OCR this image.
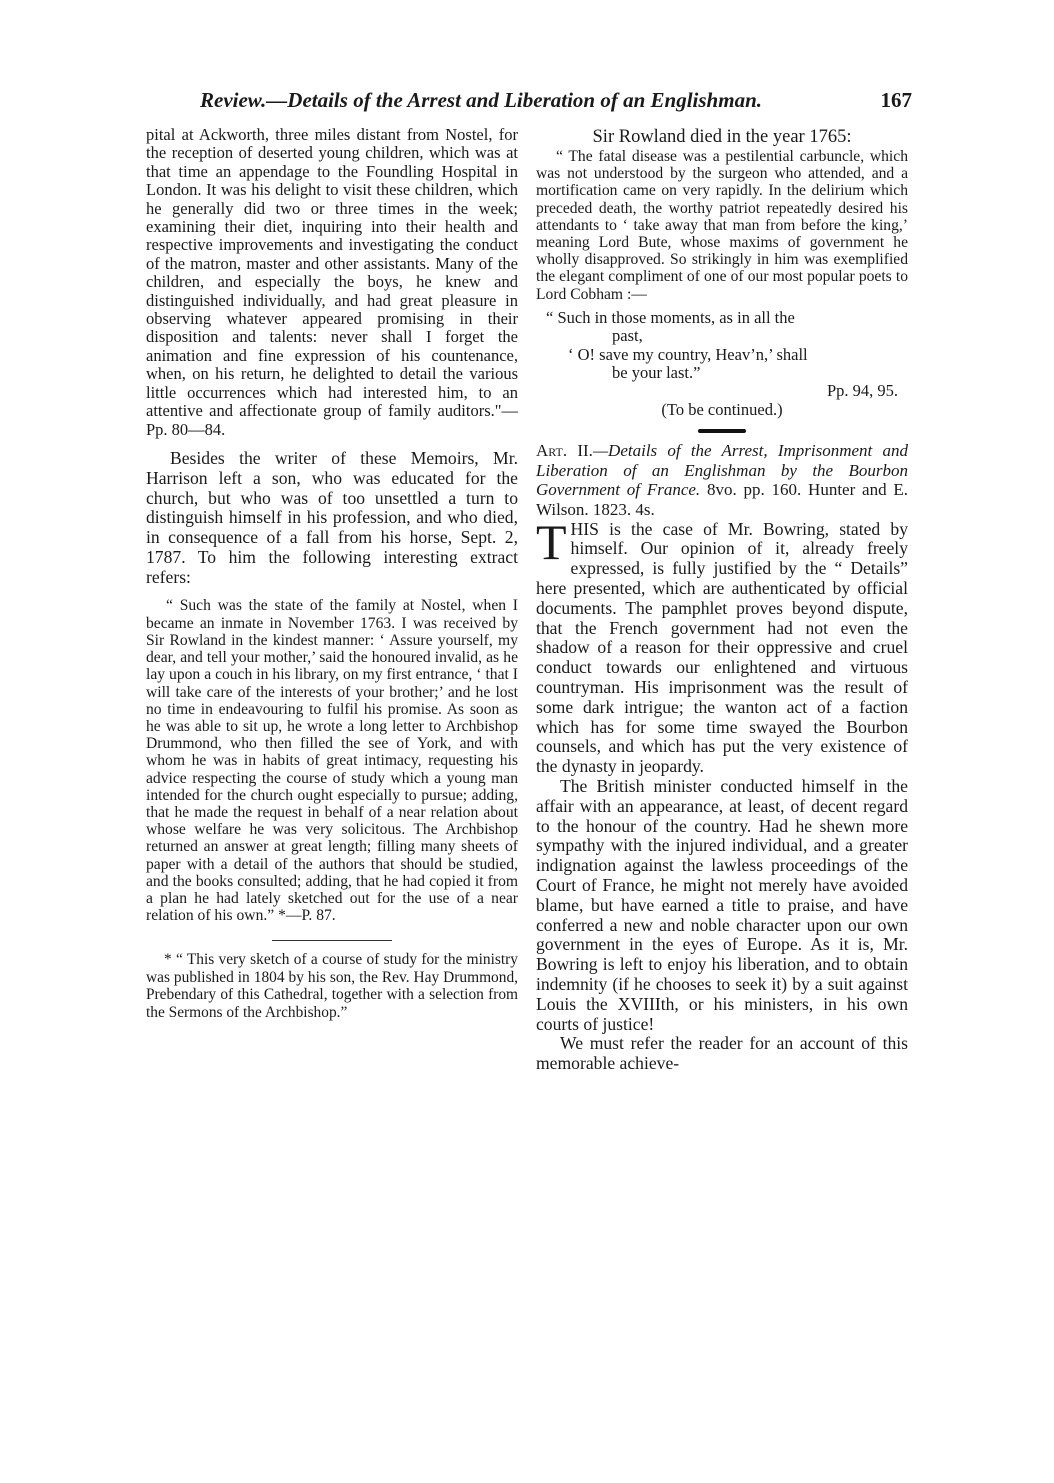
Review.—Details of the Arrest and Liberation of an Englishman.	167

pital at Ackworth, three miles distant from Nostel, for the reception of deserted young children, which was at that time an appendage to the Foundling Hospital in London. It was his delight to visit these children, which he generally did two or three times in the week; examining their diet, inquiring into their health and respective improvements and investigating the conduct of the matron, master and other assistants. Many of the children, and especially the boys, he knew and distinguished individually, and had great pleasure in observing whatever appeared promising in their disposition and talents: never shall I forget the animation and fine expression of his countenance, when, on his return, he delighted to detail the various little occurrences which had interested him, to an attentive and affectionate group of family auditors."—Pp. 80—84.

Besides the writer of these Memoirs, Mr. Harrison left a son, who was educated for the church, but who was of too unsettled a turn to distinguish himself in his profession, and who died, in consequence of a fall from his horse, Sept. 2, 1787. To him the following interesting extract refers:

“ Such was the state of the family at Nostel, when I became an inmate in November 1763. I was received by Sir Rowland in the kindest manner: ‘ Assure yourself, my dear, and tell your mother,’ said the honoured invalid, as he lay upon a couch in his library, on my first entrance, ‘ that I will take care of the interests of your brother;’ and he lost no time in endeavouring to fulfil his promise. As soon as he was able to sit up, he wrote a long letter to Archbishop Drummond, who then filled the see of York, and with whom he was in habits of great intimacy, requesting his advice respecting the course of study which a young man intended for the church ought especially to pursue; adding, that he made the request in behalf of a near relation about whose welfare he was very solicitous. The Archbishop returned an answer at great length; filling many sheets of paper with a detail of the authors that should be studied, and the books consulted; adding, that he had copied it from a plan he had lately sketched out for the use of a near relation of his own.” *—P. 87.

* “ This very sketch of a course of study for the ministry was published in 1804 by his son, the Rev. Hay Drummond, Prebendary of this Cathedral, together with a selection from the Sermons of the Archbishop.”

Sir Rowland died in the year 1765:

“ The fatal disease was a pestilential carbuncle, which was not understood by the surgeon who attended, and a mortification came on very rapidly. In the delirium which preceded death, the worthy patriot repeatedly desired his attendants to ‘ take away that man from before the king,’ meaning Lord Bute, whose maxims of government he wholly disapproved. So strikingly in him was exemplified the elegant compliment of one of our most popular poets to Lord Cobham :—

“ Such in those moments, as in all the
past,
‘ O! save my country, Heav’n,’ shall
be your last.”

Pp. 94, 95.

(To be continued.)

Art. II.—Details of the Arrest, Imprisonment and Liberation of an Englishman by the Bourbon Government of France. 8vo. pp. 160. Hunter and E. Wilson. 1823. 4s.

THIS is the case of Mr. Bowring, stated by himself. Our opinion of it, already freely expressed, is fully justified by the “ Details” here presented, which are authenticated by official documents. The pamphlet proves beyond dispute, that the French government had not even the shadow of a reason for their oppressive and cruel conduct towards our enlightened and virtuous countryman. His imprisonment was the result of some dark intrigue; the wanton act of a faction which has for some time swayed the Bourbon counsels, and which has put the very existence of the dynasty in jeopardy.

The British minister conducted himself in the affair with an appearance, at least, of decent regard to the honour of the country. Had he shewn more sympathy with the injured individual, and a greater indignation against the lawless proceedings of the Court of France, he might not merely have avoided blame, but have earned a title to praise, and have conferred a new and noble character upon our own government in the eyes of Europe. As it is, Mr. Bowring is left to enjoy his liberation, and to obtain indemnity (if he chooses to seek it) by a suit against Louis the XVIIIth, or his ministers, in his own courts of justice!

We must refer the reader for an account of this memorable achieve-
